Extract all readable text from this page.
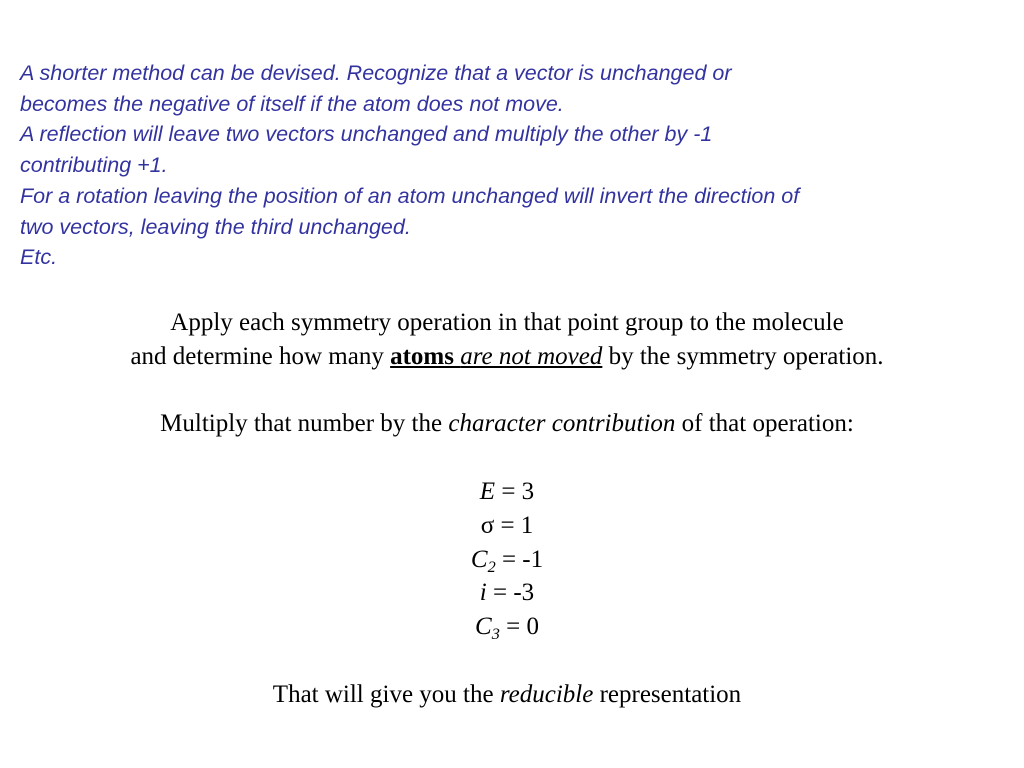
A shorter method can be devised. Recognize that a vector is unchanged or

becomes the negative of itself if the atom does not move.

A reflection will leave two vectors unchanged and multiply the other by -1

contributing +1.

For a rotation leaving the position of an atom unchanged will invert the direction of

two vectors, leaving the third unchanged.

Etc.

Apply each symmetry operation in that point group to the molecule

and determine how many atoms are not moved by the symmetry operation.

Multiply that number by the character contribution of that operation:

E = 3

σ = 1

$C_2 = -1$

i = -3

$C_3 = 0$

That will give you the reducible representation
